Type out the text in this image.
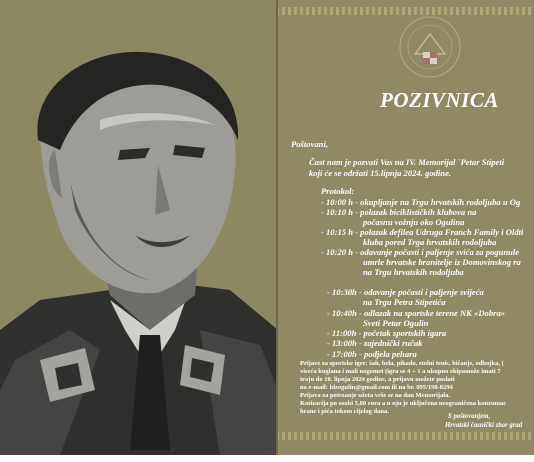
POZIVNICA

Poštovani,

Čast nam je pozvati Vas na IV. Memorijal `Petar Stipeti

koji će se održati 15.lipnja 2024. godine.

Protokol:

- 10:00 h - okupljanje na Trgu hrvatskih rodoljuba u Og

- 10:10 h - polazak biciklističkih klubova na

počasnu vožnju oko Ogulina

- 10:15 h - polazak defilea Udruga Franch Family i Oldti

kluba pored Trga hrvatskih rodoljuba

- 10:20 h - odavanje počasti i paljenje svića za pogunule

umrle hrvatske branitelje iz Domovinskog ra

na Trgu hrvatskih rodoljuba

- 10:30h - odavanje počasti i paljenje svijeća

na Trgu Petra Stipetića

- 10:40h - odlazak na sportske terene NK «Dobra»

Sveti Petar Ogulin

- 11:00h - početak sportskih igara

- 13:00h - zajednički ručak

- 17:00h - podjela peharа

Prijave za sportske igre: šah, bela, pikado, stolni tenis, bičanje, odbojka, (

viseća kuglana i mali nogomet (igra se 4 + 1 a ukupno ekipamože imati 7

traju do 10. lipnja 2024 godine, a prijavu možete poslati

na e-mail: hlzogulin@gmail.com ili na br. 095/198-8294

Prijava za potezanje užeta vrše se na dan Memorijala.

Kotizacija po osobi 5,00 eura a u nju je uključena neograničena konzumac

hrane i pića tokom cijelog dana.

S poštovanjem,

Hrvatski časnički zbor grad
